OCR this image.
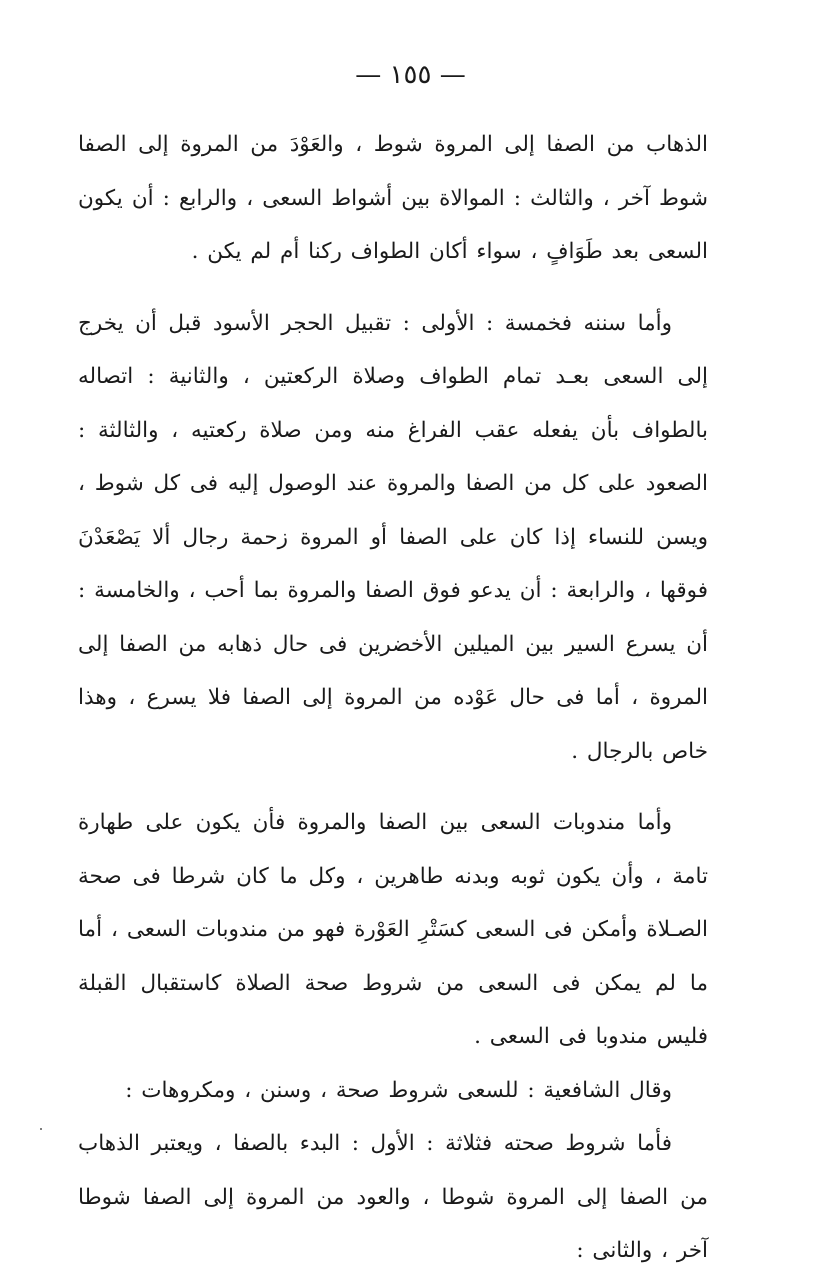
— ١٥٥ —

الذهاب من الصفا إلى المروة شوط ، والعَوْدَ من المروة إلى الصفا شوط آخر ، والثالث : الموالاة بين أشواط السعى ، والرابع : أن يكون السعى بعد طَوَافٍ ، سواء أكان الطواف ركنا أم لم يكن .

وأما سننه فخمسة : الأولى : تقبيل الحجر الأسود قبل أن يخرج إلى السعى بعـد تمام الطواف وصلاة الركعتين ، والثانية : اتصاله بالطواف بأن يفعله عقب الفراغ منه ومن صلاة ركعتيه ، والثالثة : الصعود على كل من الصفا والمروة عند الوصول إليه فى كل شوط ، ويسن للنساء إذا كان على الصفا أو المروة زحمة رجال ألا يَصْعَدْنَ فوقها ، والرابعة : أن يدعو فوق الصفا والمروة بما أحب ، والخامسة : أن يسرع السير بين الميلين الأخضرين فى حال ذهابه من الصفا إلى المروة ، أما فى حال عَوْده من المروة إلى الصفا فلا يسرع ، وهذا خاص بالرجال .

وأما مندوبات السعى بين الصفا والمروة فأن يكون على طهارة تامة ، وأن يكون ثوبه وبدنه طاهرين ، وكل ما كان شرطا فى صحة الصـلاة وأمكن فى السعى كسَتْرِ العَوْرة فهو من مندوبات السعى ، أما ما لم يمكن فى السعى من شروط صحة الصلاة كاستقبال القبلة فليس مندوبا فى السعى .

وقال الشافعية : للسعى شروط صحة ، وسنن ، ومكروهات :

فأما شروط صحته فثلاثة : الأول : البدء بالصفا ، ويعتبر الذهاب من الصفا إلى المروة شوطا ، والعود من المروة إلى الصفا شوطا آخر ، والثانى :
